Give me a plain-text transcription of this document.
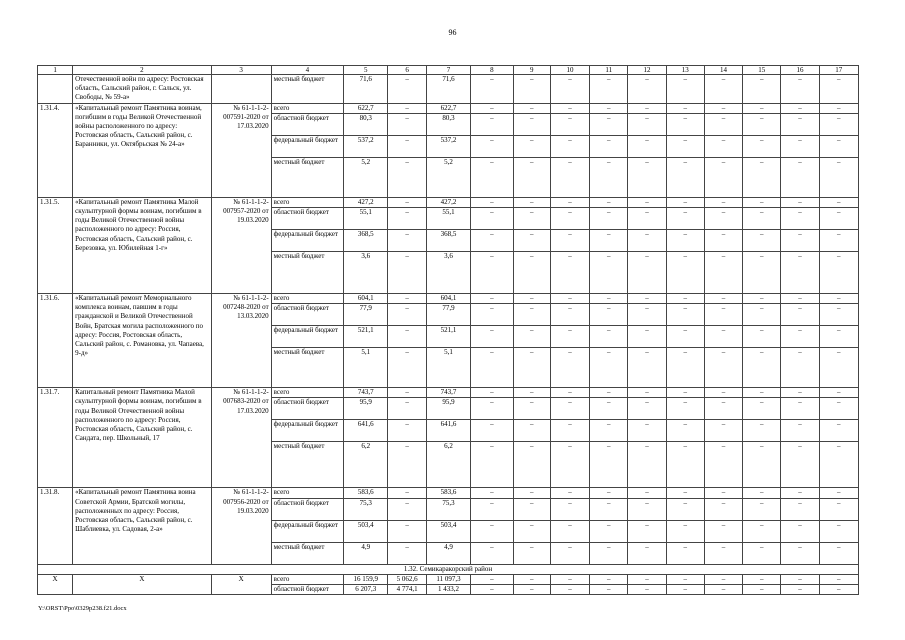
96
1	2	3	4	5	6	7	8	9	10	11	12	13	14	15	16	17
	Отечественной войн по адресу: Ростовская область, Сальский район, г. Сальск, ул. Свободы, № 59-а»		местный бюджет	71,6	–	71,6	–	–	–	–	–	–	–	–	–	–
1.31.4.	«Капитальный ремонт Памятника воинам, погибшим в годы Великой Отечественной войны расположенного по адресу: Ростовская область, Сальский район, с. Баранники, ул. Октябрьская № 24-а»	№ 61-1-1-2-007591-2020 от 17.03.2020	всего	622,7	–	622,7	–	–	–	–	–	–	–	–	–	–
			областной бюджет	80,3	–	80,3	–	–	–	–	–	–	–	–	–	–
			федеральный бюджет	537,2	–	537,2	–	–	–	–	–	–	–	–	–	–
			местный бюджет	5,2	–	5,2	–	–	–	–	–	–	–	–	–	–
1.31.5.	«Капитальный ремонт Памятника Малой скульптурной формы воинам, погибшим в годы Великой Отечественной войны расположенного по адресу: Россия, Ростовская область, Сальский район, с. Березовка, ул. Юбилейная 1-г»	№ 61-1-1-2-007957-2020 от 19.03.2020	всего	427,2	–	427,2	–	–	–	–	–	–	–	–	–	–
			областной бюджет	55,1	–	55,1	–	–	–	–	–	–	–	–	–	–
			федеральный бюджет	368,5	–	368,5	–	–	–	–	–	–	–	–	–	–
			местный бюджет	3,6	–	3,6	–	–	–	–	–	–	–	–	–	–
1.31.6.	«Капитальный ремонт Мемориального комплекса воинам, павшим в годы гражданской и Великой Отечественной Войн, Братская могила расположенного по адресу: Россия, Ростовская область, Сальский район, с. Романовка, ул. Чапаева, 9-д»	№ 61-1-1-2-007248-2020 от 13.03.2020	всего	604,1	–	604,1	–	–	–	–	–	–	–	–	–	–
			областной бюджет	77,9	–	77,9	–	–	–	–	–	–	–	–	–	–
			федеральный бюджет	521,1	–	521,1	–	–	–	–	–	–	–	–	–	–
			местный бюджет	5,1	–	5,1	–	–	–	–	–	–	–	–	–	–
1.31.7.	Капитальный ремонт Памятника Малой скульптурной формы воинам, погибшим в годы Великой Отечественной войны расположенного по адресу: Россия, Ростовская область, Сальский район, с. Сандата, пер. Школьный, 17	№ 61-1-1-2-007683-2020 от 17.03.2020	всего	743,7	–	743,7	–	–	–	–	–	–	–	–	–	–
			областной бюджет	95,9	–	95,9	–	–	–	–	–	–	–	–	–	–
			федеральный бюджет	641,6	–	641,6	–	–	–	–	–	–	–	–	–	–
			местный бюджет	6,2	–	6,2	–	–	–	–	–	–	–	–	–	–
1.31.8.	«Капитальный ремонт Памятника воина Советской Армии, Братской могилы, расположенных по адресу: Россия, Ростовская область, Сальский район, с. Шаблиевка, ул. Садовая, 2-а»	№ 61-1-1-2-007956-2020 от 19.03.2020	всего	583,6	–	583,6	–	–	–	–	–	–	–	–	–	–
			областной бюджет	75,3	–	75,3	–	–	–	–	–	–	–	–	–	–
			федеральный бюджет	503,4	–	503,4	–	–	–	–	–	–	–	–	–	–
			местный бюджет	4,9	–	4,9	–	–	–	–	–	–	–	–	–	–
1.32. Семикаракорский район																
Х	Х	Х	всего	16 159,9	5 062,6	11 097,3	–	–	–	–	–	–	–	–	–	–
			областной бюджет	6 207,3	4 774,1	1 433,2	–	–	–	–	–	–	–	–	–	–
Y:\ORST\Ppo\0329p238.f21.docx
